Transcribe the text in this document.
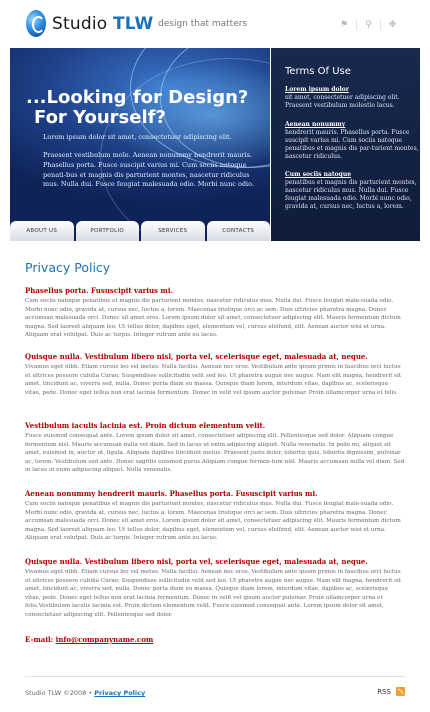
Studio TLW design that matters	⚑	⚲	✥
...Looking for Design?
For Yourself?
Lorem ipsum dolor sit amet, consectetuer adipiscing elit.
Praesent vestibulum mole. Aenean nonummy hendrerit mauris. Phasellus porta. Fusce suscipit varius mi. Cum sociis natoque penati-bus et magnis dis parturient montes, nascetur ridiculus mus. Nulla dui. Fusce feugiat malesuada odio. Morbi nunc odio.
ABOUT US	PORTFOLIO	SERVICES	CONTACTS
Terms Of Use
Lorem ipsum dolor
sit amet, consectetuer adipiscing elit. Praesent vestibulum molestie lacus.
Aenean nonummy
hendrerit mauris. Phasellus porta. Fusce suscipit varius mi. Cum sociis natoque penatibus et magnis dis par-turient montes, nascetur ridiculus.
Cum sociis natoque
penatibus et magnis dis parturient montes, nascetur ridiculus mus. Nulla dui. Fusce feugiat malesuada odio. Morbi nunc odio, gravida at, cursus nec, luctus a, lorem.
Privacy Policy
Phasellus porta. Fususcipit varius mi.
Cum sociis natoque penatibus et magnis dis parturient montes, nascetur ridiculus mus. Nulla dui. Fusce feugiat male-suada odio. Morbi nunc odio, gravida at, cursus nec, luctus a, lorem. Maecenas tristique orci ac sem. Duis ultricies pharetra magna. Donec accumsan malesuada orci. Donec sit amet eros. Lorem ipsum dolor sit amet, consectetuer adipiscing elit. Mauris fermentum dictum magna. Sed laoreet aliquam leo. Ut tellus dolor, dapibus eget, elementum vel, cursus eleifend, elit. Aenean auctor wisi et urna. Aliquam erat volutpat. Duis ac turpis. Integer rutrum ante eu lacus.
Quisque nulla. Vestibulum libero nisl, porta vel, scelerisque eget, malesuada at, neque.
Vivamus eget nibh. Etiam cursus leo vel metus. Nulla facilisi. Aenean nec eros. Vestibulum ante ipsum primis in faucibus orci luctus et ultrices posuere cubilia Curae; Suspendisse sollicitudin velit sed leo. Ut pharetra augue nec augue. Nam elit magna, hendrerit sit amet, tincidunt ac, viverra sed, nulla. Donec porta diam eu massa. Quisque diam lorem, interdum vitae, dapibus ac, scelerisque vitae, pede. Donec eget tellus non erat lacinia fermentum. Donec in velit vel ipsum auctor pulvinar. Proin ullamcorper urna et felis.
Vestibulum iaculis lacinia est. Proin dictum elementum velit.
Fusce euismod consequat ante. Lorem ipsum dolor sit amet, consectetuer adipiscing elit. Pellentesque sed dolor. Aliquam congue fermentum nisl. Mauris accumsan nulla vel diam. Sed in lacus ut enim adipiscing aliquet. Nulla venenatis. In pede mi, aliquet sit amet, euismod in, auctor ut, ligula. Aliquam dapibus tincidunt metus. Praesent justo dolor, lobortis quis, lobortis dignissim, pulvinar ac, lorem. Vestibulum sed ante. Donec sagittis euismod purus.Aliquam congue fermen-tum nisl. Mauris accumsan nulla vel diam. Sed in lacus ut enim adipiscing aliquet. Nulla venenatis.
Aenean nonummy hendrerit mauris. Phasellus porta. Fususcipit varius mi.
Cum sociis natoque penatibus et magnis dis parturient montes, nascetur ridiculus mus. Nulla dui. Fusce feugiat male-suada odio. Morbi nunc odio, gravida at, cursus nec, luctus a, lorem. Maecenas tristique orci ac sem. Duis ultricies pharetra magna. Donec accumsan malesuada orci. Donec sit amet eros. Lorem ipsum dolor sit amet, consectetuer adipiscing elit. Mauris fermentum dictum magna. Sed laoreet aliquam leo. Ut tellus dolor, dapibus eget, elementum vel, cursus eleifend, elit. Aenean auctor wisi et urna. Aliquam erat volutpat. Duis ac turpis. Integer rutrum ante eu lacus.
Quisque nulla. Vestibulum libero nisl, porta vel, scelerisque eget, malesuada at, neque.
Vivamus eget nibh. Etiam cursus leo vel metus. Nulla facilisi. Aenean nec eros. Vestibulum ante ipsum primis in faucibus orci luctus et ultrices posuere cubilia Curae; Suspendisse sollicitudin velit sed leo. Ut pharetra augue nec augue. Nam elit magna, hendrerit sit amet, tincidunt ac, viverra sed, nulla. Donec porta diam eu massa. Quisque diam lorem, interdum vitae, dapibus ac, scelerisque vitae, pede. Donec eget tellus non erat lacinia fermentum. Donec in velit vel ipsum auctor pulvinar. Proin ullamcorper urna et felis.Vestibulum iaculis lacinia est. Proin dictum elementum velit. Fusce euismod consequat ante. Lorem ipsum dolor sit amet, consectetuer adipiscing elit. Pellentesque sed dolor.
E-mail: info@companyname.com
Studio TLW ©2008 • Privacy Policy	RSS
